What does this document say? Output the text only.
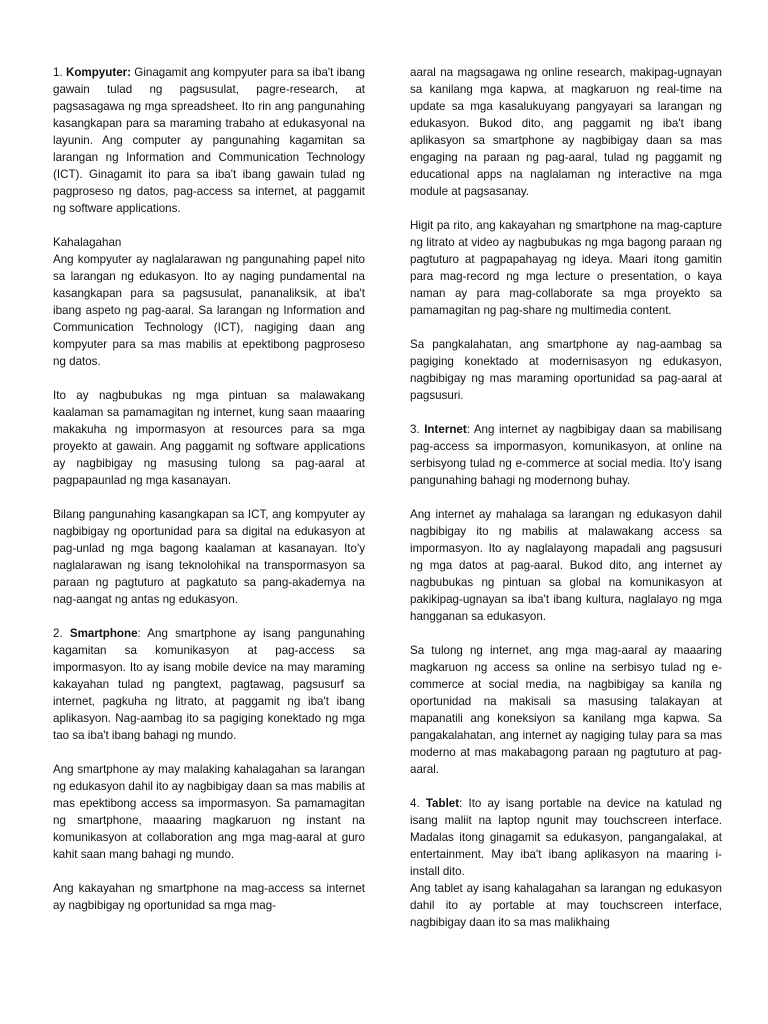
1. Kompyuter: Ginagamit ang kompyuter para sa iba't ibang gawain tulad ng pagsusulat, pagre-research, at pagsasagawa ng mga spreadsheet. Ito rin ang pangunahing kasangkapan para sa maraming trabaho at edukasyonal na layunin. Ang computer ay pangunahing kagamitan sa larangan ng Information and Communication Technology (ICT). Ginagamit ito para sa iba't ibang gawain tulad ng pagproseso ng datos, pag-access sa internet, at paggamit ng software applications.

Kahalagahan

Ang kompyuter ay naglalarawan ng pangunahing papel nito sa larangan ng edukasyon. Ito ay naging pundamental na kasangkapan para sa pagsusulat, pananaliksik, at iba't ibang aspeto ng pag-aaral. Sa larangan ng Information and Communication Technology (ICT), nagiging daan ang kompyuter para sa mas mabilis at epektibong pagproseso ng datos.

Ito ay nagbubukas ng mga pintuan sa malawakang kaalaman sa pamamagitan ng internet, kung saan maaaring makakuha ng impormasyon at resources para sa mga proyekto at gawain. Ang paggamit ng software applications ay nagbibigay ng masusing tulong sa pag-aaral at pagpapaunlad ng mga kasanayan.

Bilang pangunahing kasangkapan sa ICT, ang kompyuter ay nagbibigay ng oportunidad para sa digital na edukasyon at pag-unlad ng mga bagong kaalaman at kasanayan. Ito'y naglalarawan ng isang teknolohikal na transpormasyon sa paraan ng pagtuturo at pagkatuto sa pang-akademya na nag-aangat ng antas ng edukasyon.

2. Smartphone: Ang smartphone ay isang pangunahing kagamitan sa komunikasyon at pag-access sa impormasyon. Ito ay isang mobile device na may maraming kakayahan tulad ng pangtext, pagtawag, pagsusurf sa internet, pagkuha ng litrato, at paggamit ng iba't ibang aplikasyon. Nag-aambag ito sa pagiging konektado ng mga tao sa iba't ibang bahagi ng mundo.

Ang smartphone ay may malaking kahalagahan sa larangan ng edukasyon dahil ito ay nagbibigay daan sa mas mabilis at mas epektibong access sa impormasyon. Sa pamamagitan ng smartphone, maaaring magkaruon ng instant na komunikasyon at collaboration ang mga mag-aaral at guro kahit saan mang bahagi ng mundo.

Ang kakayahan ng smartphone na mag-access sa internet ay nagbibigay ng oportunidad sa mga mag-

aaral na magsagawa ng online research, makipag-ugnayan sa kanilang mga kapwa, at magkaruon ng real-time na update sa mga kasalukuyang pangyayari sa larangan ng edukasyon. Bukod dito, ang paggamit ng iba't ibang aplikasyon sa smartphone ay nagbibigay daan sa mas engaging na paraan ng pag-aaral, tulad ng paggamit ng educational apps na naglalaman ng interactive na mga module at pagsasanay.

Higit pa rito, ang kakayahan ng smartphone na mag-capture ng litrato at video ay nagbubukas ng mga bagong paraan ng pagtuturo at pagpapahayag ng ideya. Maari itong gamitin para mag-record ng mga lecture o presentation, o kaya naman ay para mag-collaborate sa mga proyekto sa pamamagitan ng pag-share ng multimedia content.

Sa pangkalahatan, ang smartphone ay nag-aambag sa pagiging konektado at modernisasyon ng edukasyon, nagbibigay ng mas maraming oportunidad sa pag-aaral at pagsusuri.

3. Internet: Ang internet ay nagbibigay daan sa mabilisang pag-access sa impormasyon, komunikasyon, at online na serbisyong tulad ng e-commerce at social media. Ito'y isang pangunahing bahagi ng modernong buhay.

Ang internet ay mahalaga sa larangan ng edukasyon dahil nagbibigay ito ng mabilis at malawakang access sa impormasyon. Ito ay naglalayong mapadali ang pagsusuri ng mga datos at pag-aaral. Bukod dito, ang internet ay nagbubukas ng pintuan sa global na komunikasyon at pakikipag-ugnayan sa iba't ibang kultura, naglalayo ng mga hangganan sa edukasyon.

Sa tulong ng internet, ang mga mag-aaral ay maaaring magkaruon ng access sa online na serbisyo tulad ng e-commerce at social media, na nagbibigay sa kanila ng oportunidad na makisali sa masusing talakayan at mapanatili ang koneksiyon sa kanilang mga kapwa. Sa pangakalahatan, ang internet ay nagiging tulay para sa mas moderno at mas makabagong paraan ng pagtuturo at pag-aaral.

4. Tablet: Ito ay isang portable na device na katulad ng isang maliit na laptop ngunit may touchscreen interface. Madalas itong ginagamit sa edukasyon, pangangalakal, at entertainment. May iba't ibang aplikasyon na maaring i-install dito.

Ang tablet ay isang kahalagahan sa larangan ng edukasyon dahil ito ay portable at may touchscreen interface, nagbibigay daan ito sa mas malikhaing
